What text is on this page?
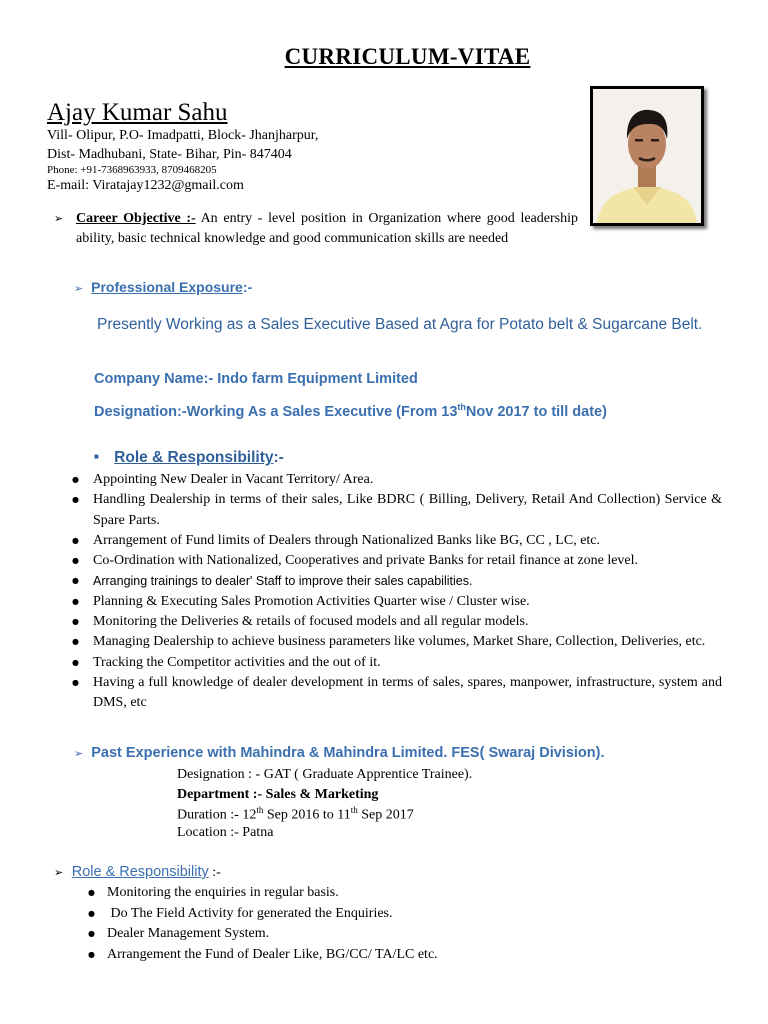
CURRICULUM-VITAE
Ajay Kumar Sahu
Vill- Olipur, P.O- Imadpatti, Block- Jhanjharpur,
Dist- Madhubani, State- Bihar, Pin- 847404
Phone: +91-7368963933, 8709468205
E-mail: Viratajay1232@gmail.com
➢ Career Objective :- An entry - level position in Organization where good leadership ability, basic technical knowledge and good communication skills are needed
➢ Professional Exposure:-
Presently Working as a Sales Executive Based at Agra for Potato belt & Sugarcane Belt.
Company Name:- Indo farm Equipment Limited
Designation:-Working As a Sales Executive (From 13thNov 2017 to till date)
■ Role & Responsibility:-
● Appointing New Dealer in Vacant Territory/ Area.
● Handling Dealership in terms of their sales, Like BDRC ( Billing, Delivery, Retail And Collection) Service & Spare Parts.
● Arrangement of Fund limits of Dealers through Nationalized Banks like BG, CC , LC, etc.
● Co-Ordination with Nationalized, Cooperatives and private Banks for retail finance at zone level.
● Arranging trainings to dealer' Staff to improve their sales capabilities.
● Planning & Executing Sales Promotion Activities Quarter wise / Cluster wise.
● Monitoring the Deliveries & retails of focused models and all regular models.
● Managing Dealership to achieve business parameters like volumes, Market Share, Collection, Deliveries, etc.
● Tracking the Competitor activities and the out of it.
● Having a full knowledge of dealer development in terms of sales, spares, manpower, infrastructure, system and DMS, etc
➢ Past Experience with Mahindra & Mahindra Limited. FES( Swaraj Division).
Designation : - GAT ( Graduate Apprentice Trainee).
Department :- Sales & Marketing
Duration :- 12th Sep 2016 to 11th Sep 2017
Location :- Patna
➢ Role & Responsibility :-
● Monitoring the enquiries in regular basis.
●  Do The Field Activity for generated the Enquiries.
● Dealer Management System.
● Arrangement the Fund of Dealer Like, BG/CC/ TA/LC etc.
